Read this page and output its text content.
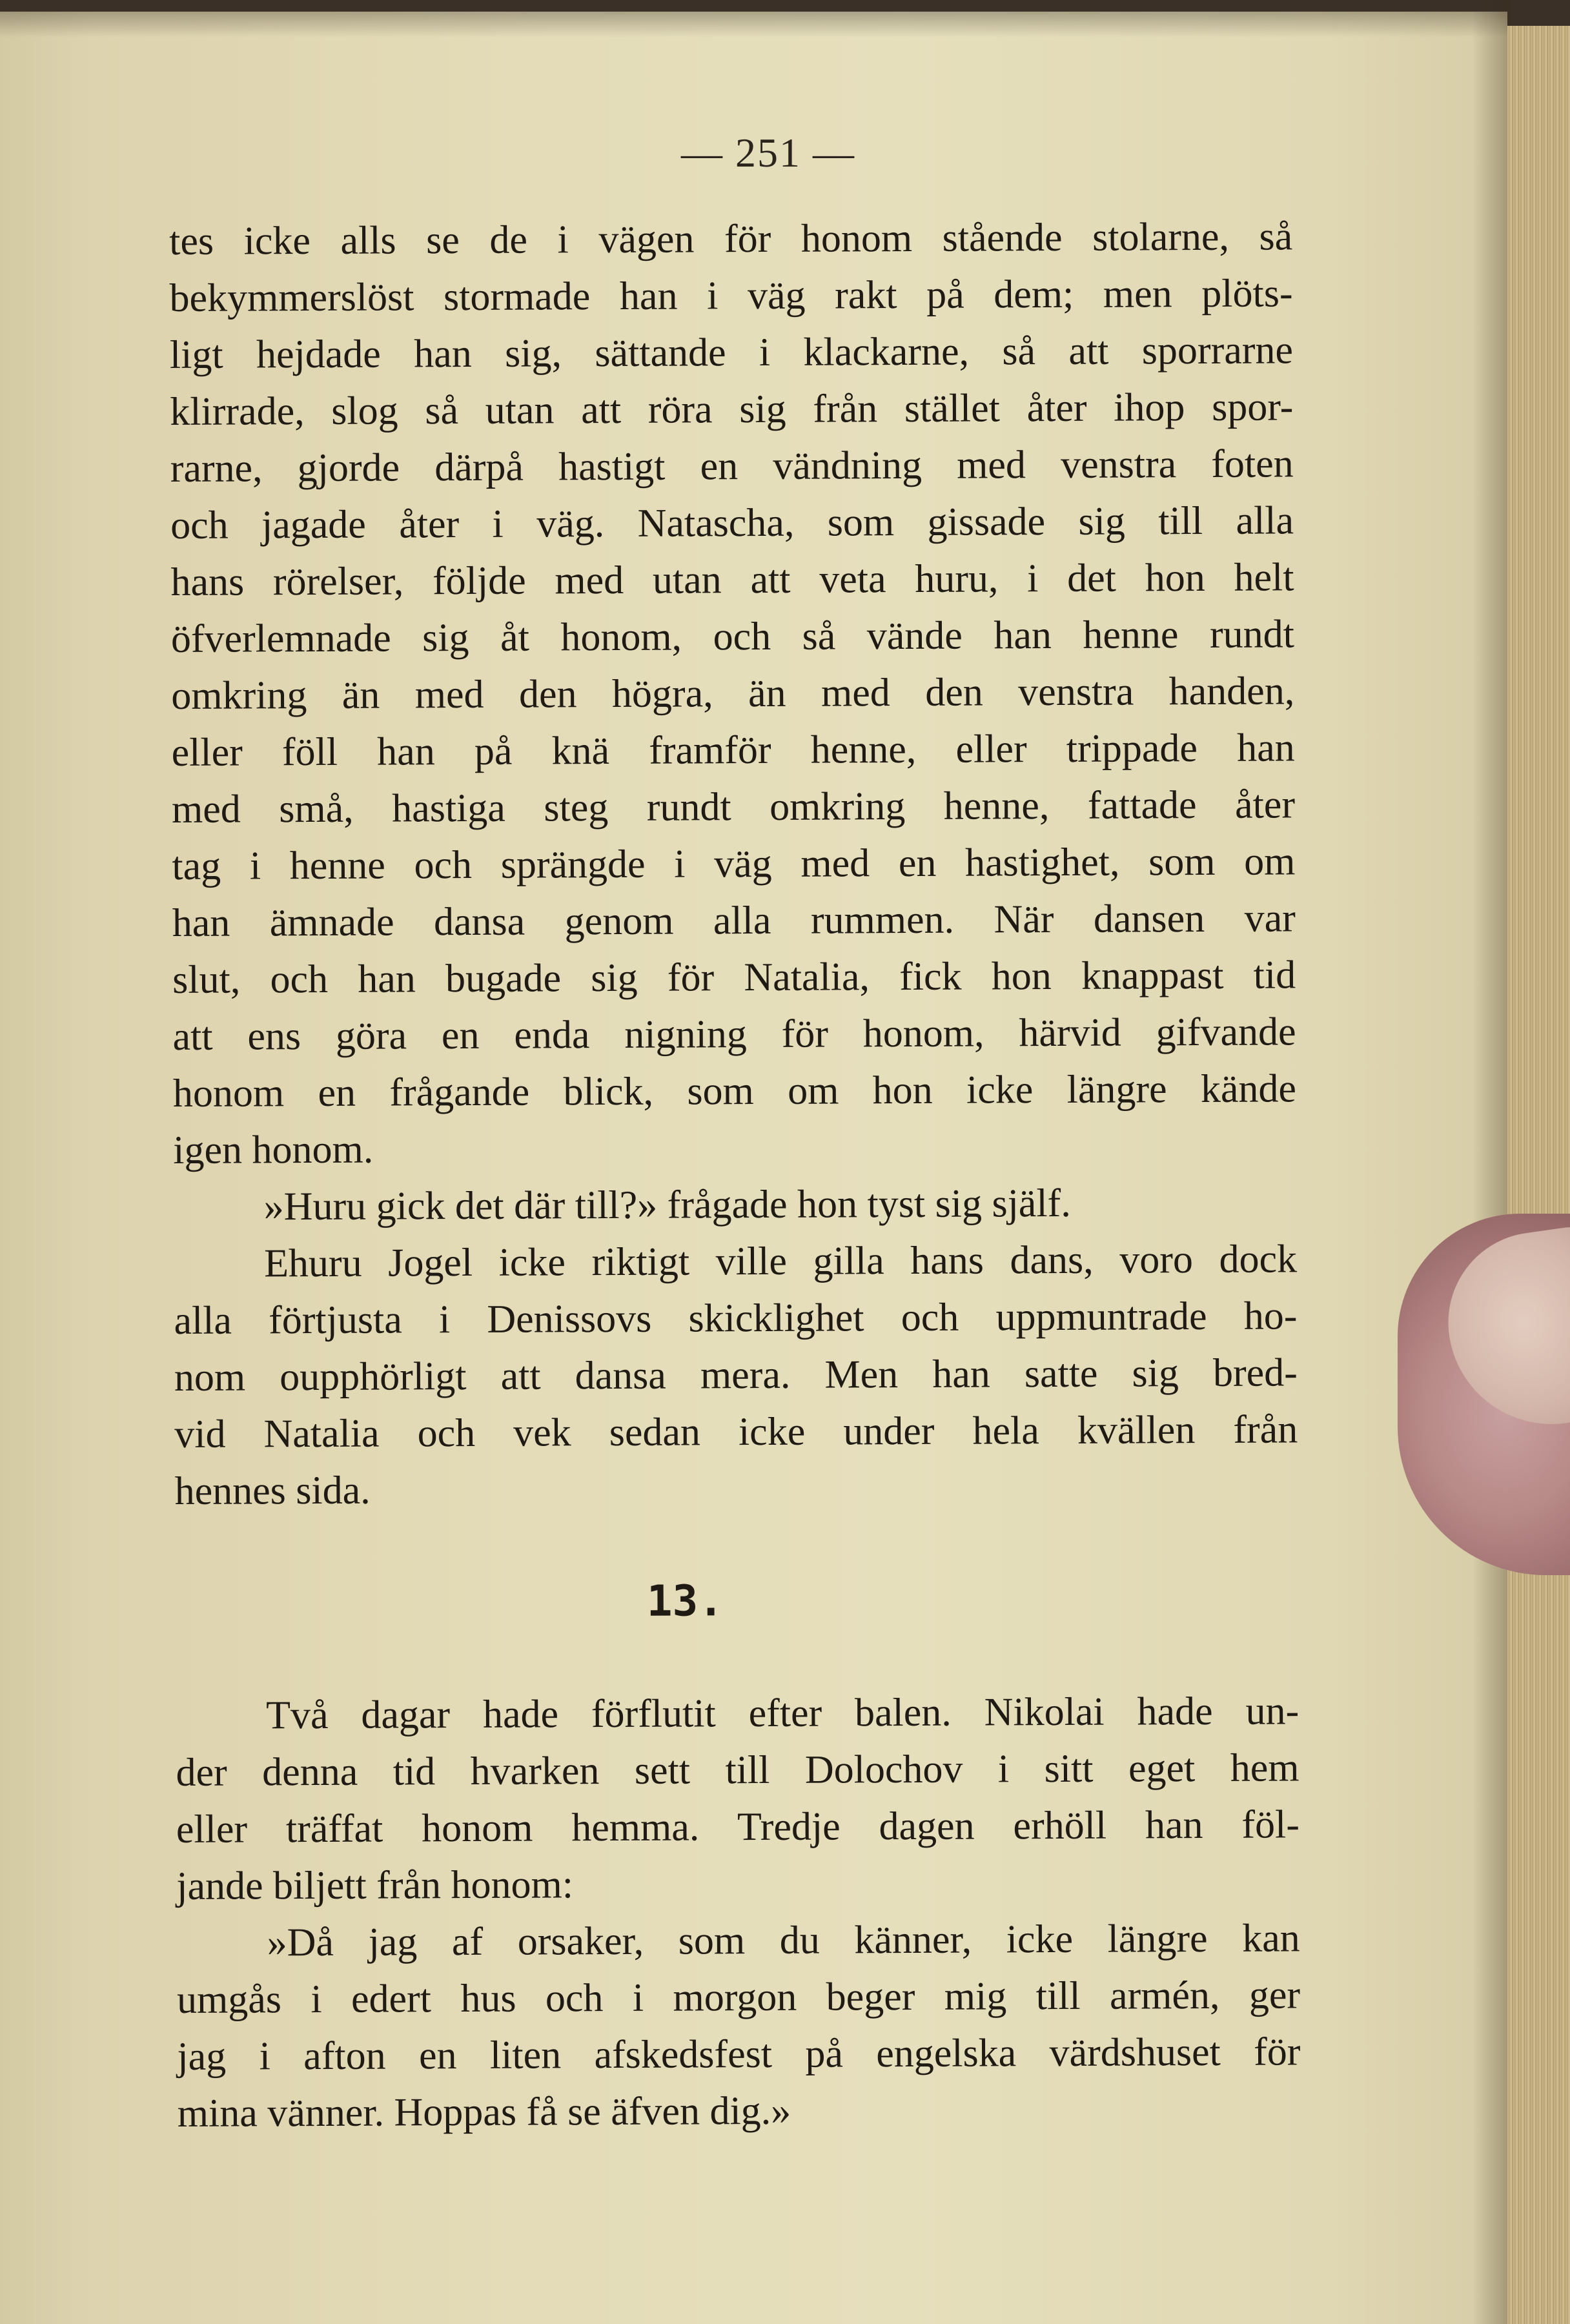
— 251 —
tes icke alls se de i vägen för honom stående stolarne, så
bekymmerslöst stormade han i väg rakt på dem; men plöts-
ligt hejdade han sig, sättande i klackarne, så att sporrarne
klirrade, slog så utan att röra sig från stället åter ihop spor-
rarne, gjorde därpå hastigt en vändning med venstra foten
och jagade åter i väg. Natascha, som gissade sig till alla
hans rörelser, följde med utan att veta huru, i det hon helt
öfverlemnade sig åt honom, och så vände han henne rundt
omkring än med den högra, än med den venstra handen,
eller föll han på knä framför henne, eller trippade han
med små, hastiga steg rundt omkring henne, fattade åter
tag i henne och sprängde i väg med en hastighet, som om
han ämnade dansa genom alla rummen. När dansen var
slut, och han bugade sig för Natalia, fick hon knappast tid
att ens göra en enda nigning för honom, härvid gifvande
honom en frågande blick, som om hon icke längre kände
igen honom.
»Huru gick det där till?» frågade hon tyst sig själf.
Ehuru Jogel icke riktigt ville gilla hans dans, voro dock
alla förtjusta i Denissovs skicklighet och uppmuntrade ho-
nom oupphörligt att dansa mera. Men han satte sig bred-
vid Natalia och vek sedan icke under hela kvällen från
hennes sida.
13.
Två dagar hade förflutit efter balen. Nikolai hade un-
der denna tid hvarken sett till Dolochov i sitt eget hem
eller träffat honom hemma. Tredje dagen erhöll han föl-
jande biljett från honom:
»Då jag af orsaker, som du känner, icke längre kan
umgås i edert hus och i morgon beger mig till armén, ger
jag i afton en liten afskedsfest på engelska värdshuset för
mina vänner. Hoppas få se äfven dig.»
